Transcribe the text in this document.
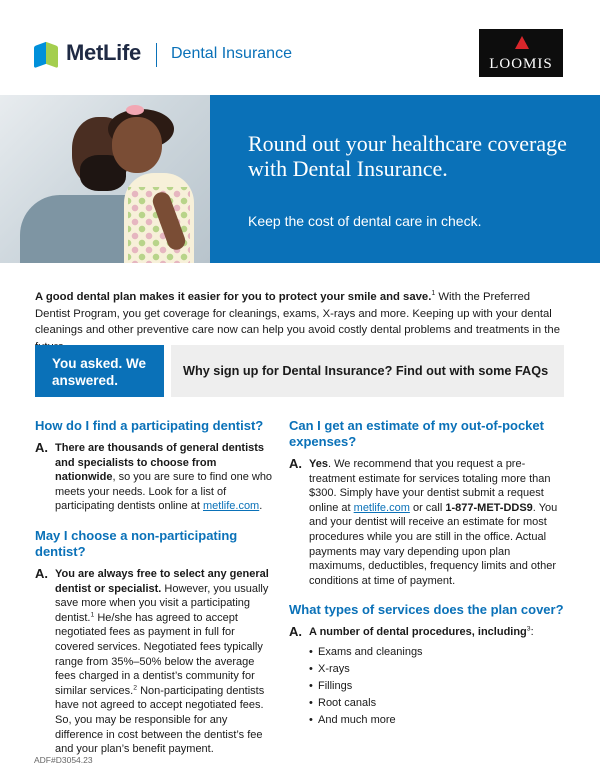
MetLife Dental Insurance
LOOMIS
Round out your healthcare coverage with Dental Insurance.
Keep the cost of dental care in check.

A good dental plan makes it easier for you to protect your smile and save.$^1$ With the Preferred Dentist Program, you get coverage for cleanings, exams, X-rays and more. Keeping up with your dental cleanings and other preventive care now can help you avoid costly dental problems and treatments in the

You asked. We answered.
Why sign up for Dental Insurance? Find out with some FAQs
How do I find a participating dentist?
A. There are thousands of general dentists and specialists to choose from nationwide, so you are sure to find one who meets your needs. Look for a list of participating dentists online at metlife.com.
May I choose a non-participating dentist?
A. You are always free to select any general dentist or specialist. However, you usually save more when you visit a participating dentist.$^1$ He/she has agreed to accept negotiated fees as payment in full for covered services. Negotiated fees typically range from 35%–50% below the average fees charged in a dentist’s community for similar services.$^2$ Non-participating dentists have not agreed to accept negotiated fees. So, you may be responsible for any difference in cost between the dentist’s fee and your plan’s benefit payment.
Can I get an estimate of my out-of-pocket expenses?
A. Yes. We recommend that you request a pre-treatment estimate for services totaling more than $300. Simply have your dentist submit a request online at metlife.com or call 1-877-MET-DDS9. You and your dentist will receive an estimate for most procedures while you are still in the office. Actual payments may vary depending upon plan maximums, deductibles, frequency limits and other conditions at time of payment.
What types of services does the plan cover?
A. A number of dental procedures, including$^3$:
• Exams and cleanings
• X-rays
• Fillings
• Root canals
• And much more
ADF#D3054.23
